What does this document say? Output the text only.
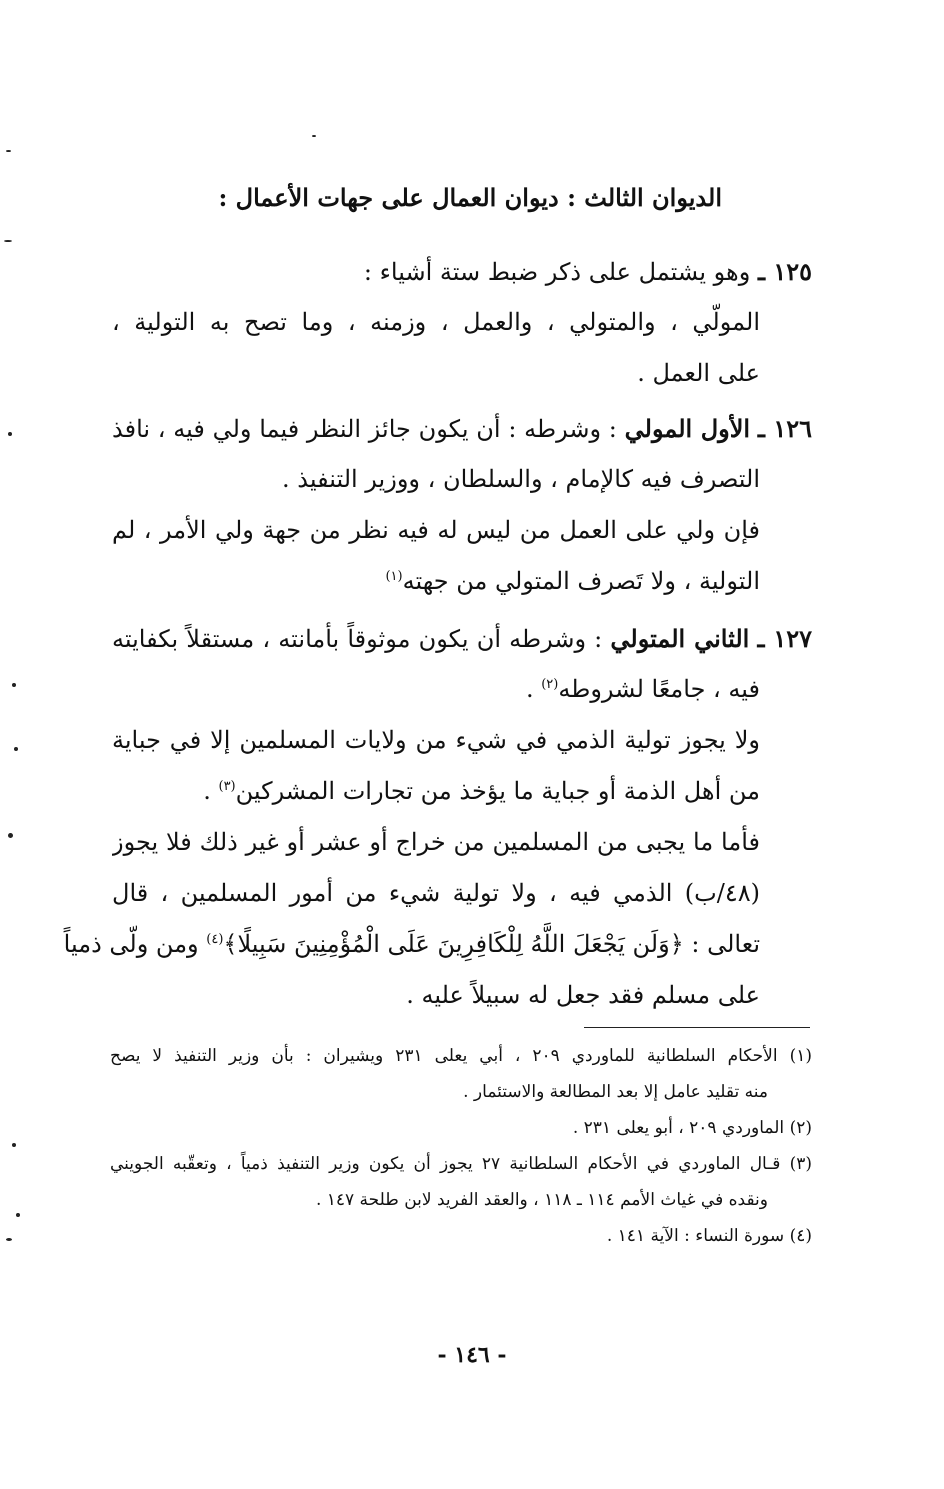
الديوان الثالث : ديوان العمال على جهات الأعمال :
١٢٥ ـ وهو يشتمل على ذكر ضبط ستة أشياء :
المولّي ، والمتولي ، والعمل ، وزمنه ، وما تصح به التولية ،
على العمل .
١٢٦ ـ الأول المولي : وشرطه : أن يكون جائز النظر فيما ولي فيه ، نافذ
التصرف فيه كالإمام ، والسلطان ، ووزير التنفيذ .
فإن ولي على العمل من ليس له فيه نظر من جهة ولي الأمر ، لم
التولية ، ولا تَصرف المتولي من جهته$^{(١)}$
١٢٧ ـ الثاني المتولي : وشرطه أن يكون موثوقاً بأمانته ، مستقلاً بكفايته
فيه ، جامعًا لشروطه$^{(٢)}$ .
ولا يجوز تولية الذمي في شيء من ولايات المسلمين إلا في جباية
من أهل الذمة أو جباية ما يؤخذ من تجارات المشركين$^{(٣)}$ .
فأما ما يجبى من المسلمين من خراج أو عشر أو غير ذلك فلا يجوز
(٤٨/ب) الذمي فيه ، ولا تولية شيء من أمور المسلمين ، قال
تعالى : ﴿وَلَن يَجْعَلَ اللَّهُ لِلْكَافِرِينَ عَلَى الْمُؤْمِنِينَ سَبِيلًا﴾$^{(٤)}$ ومن ولّى ذمياً
على مسلم فقد جعل له سبيلاً عليه .
(١) الأحكام السلطانية للماوردي ٢٠٩ ، أبي يعلى ٢٣١ ويشيران : بأن وزير التنفيذ لا يصح
منه تقليد عامل إلا بعد المطالعة والاستئمار .
(٢) الماوردي ٢٠٩ ، أبو يعلى ٢٣١ .
(٣) قـال الماوردي في الأحكام السلطانية ٢٧ يجوز أن يكون وزير التنفيذ ذمياً ، وتعقّبه الجويني
ونقده في غياث الأمم ١١٤ ـ ١١٨ ، والعقد الفريد لابن طلحة ١٤٧ .
(٤) سورة النساء : الآية ١٤١ .
- ١٤٦ -
